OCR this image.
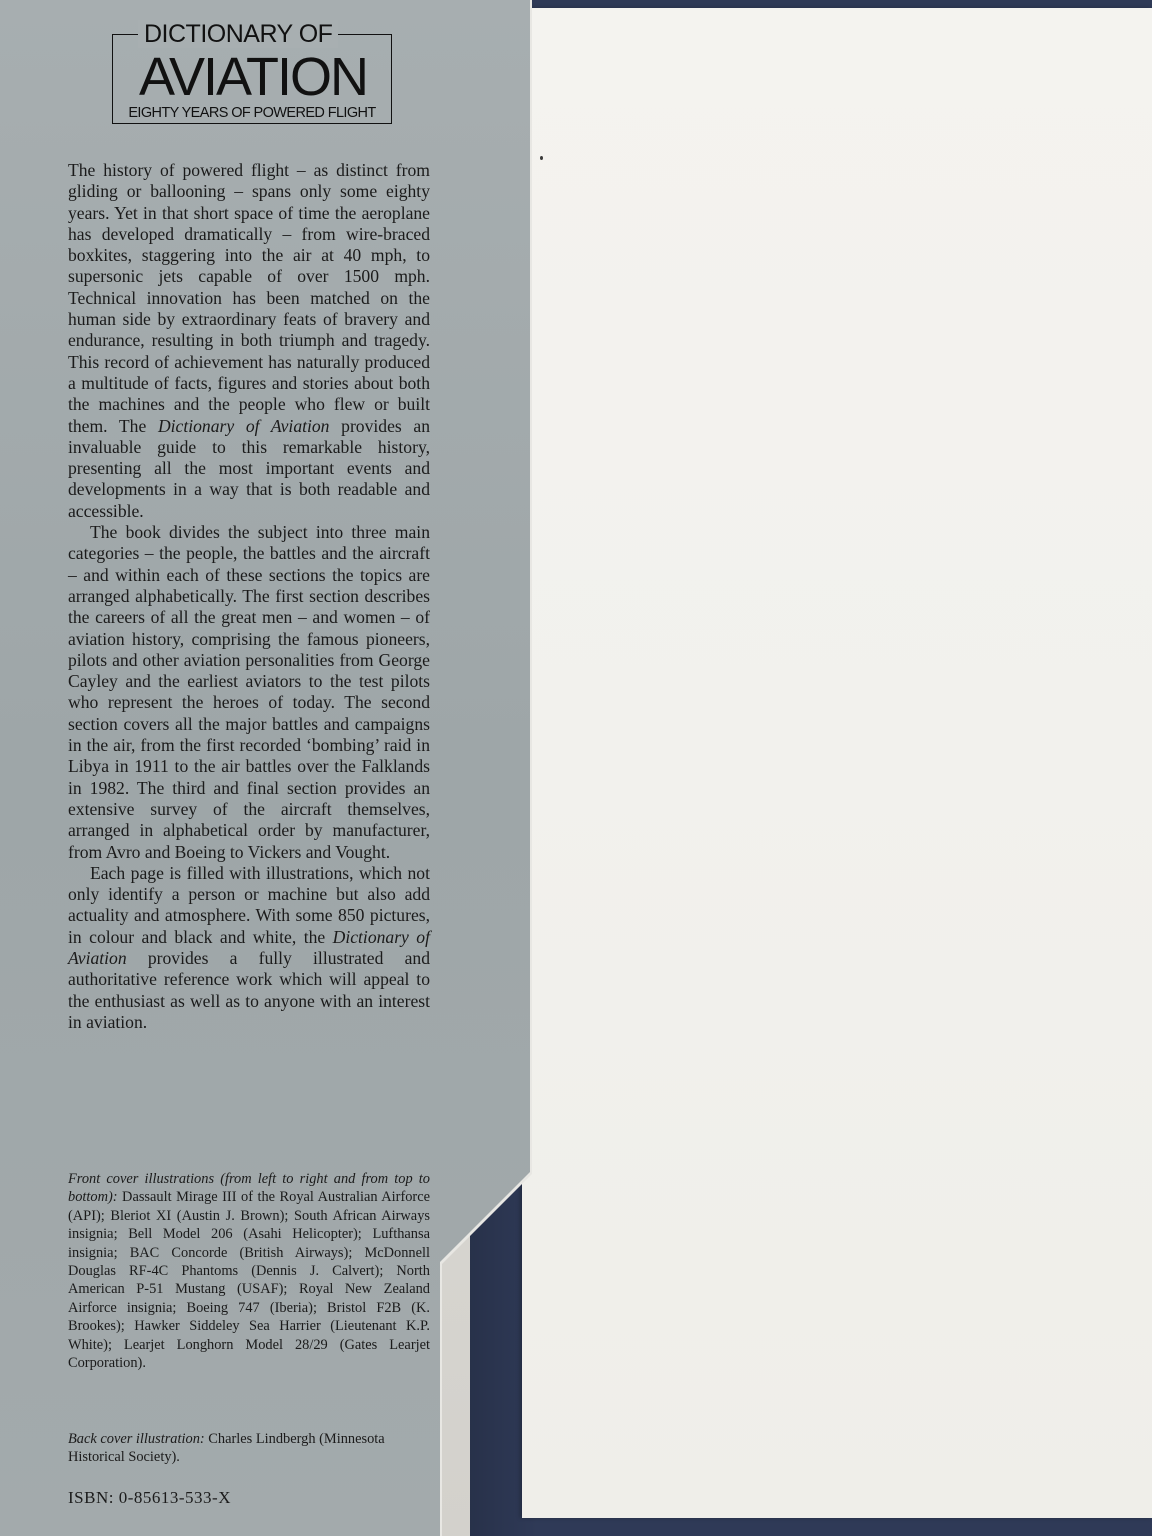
DICTIONARY OF
AVIATION
EIGHTY YEARS OF POWERED FLIGHT

The history of powered flight – as distinct from gliding or ballooning – spans only some eighty years. Yet in that short space of time the aeroplane has developed dramatically – from wire-braced boxkites, staggering into the air at 40 mph, to supersonic jets capable of over 1500 mph. Technical innovation has been matched on the human side by extraordinary feats of bravery and endurance, resulting in both triumph and tragedy. This record of achievement has naturally produced a multitude of facts, figures and stories about both the machines and the people who flew or built them. The Dictionary of Aviation provides an invaluable guide to this remarkable history, presenting all the most important events and developments in a way that is both readable and accessible.

The book divides the subject into three main categories – the people, the battles and the aircraft – and within each of these sections the topics are arranged alphabetically. The first section describes the careers of all the great men – and women – of aviation history, comprising the famous pioneers, pilots and other aviation personalities from George Cayley and the earliest aviators to the test pilots who represent the heroes of today. The second section covers all the major battles and campaigns in the air, from the first recorded ‘bombing’ raid in Libya in 1911 to the air battles over the Falklands in 1982. The third and final section provides an extensive survey of the aircraft themselves, arranged in alphabetical order by manufacturer, from Avro and Boeing to Vickers and Vought.

Each page is filled with illustrations, which not only identify a person or machine but also add actuality and atmosphere. With some 850 pictures, in colour and black and white, the Dictionary of Aviation provides a fully illustrated and authoritative reference work which will appeal to the enthusiast as well as to anyone with an interest in aviation.

Front cover illustrations (from left to right and from top to bottom): Dassault Mirage III of the Royal Australian Airforce (API); Bleriot XI (Austin J. Brown); South African Airways insignia; Bell Model 206 (Asahi Helicopter); Lufthansa insignia; BAC Concorde (British Airways); McDonnell Douglas RF-4C Phantoms (Dennis J. Calvert); North American P-51 Mustang (USAF); Royal New Zealand Airforce insignia; Boeing 747 (Iberia); Bristol F2B (K. Brookes); Hawker Siddeley Sea Harrier (Lieutenant K.P. White); Learjet Longhorn Model 28/29 (Gates Learjet Corporation).

Back cover illustration: Charles Lindbergh (Minnesota Historical Society).

ISBN: 0-85613-533-X
